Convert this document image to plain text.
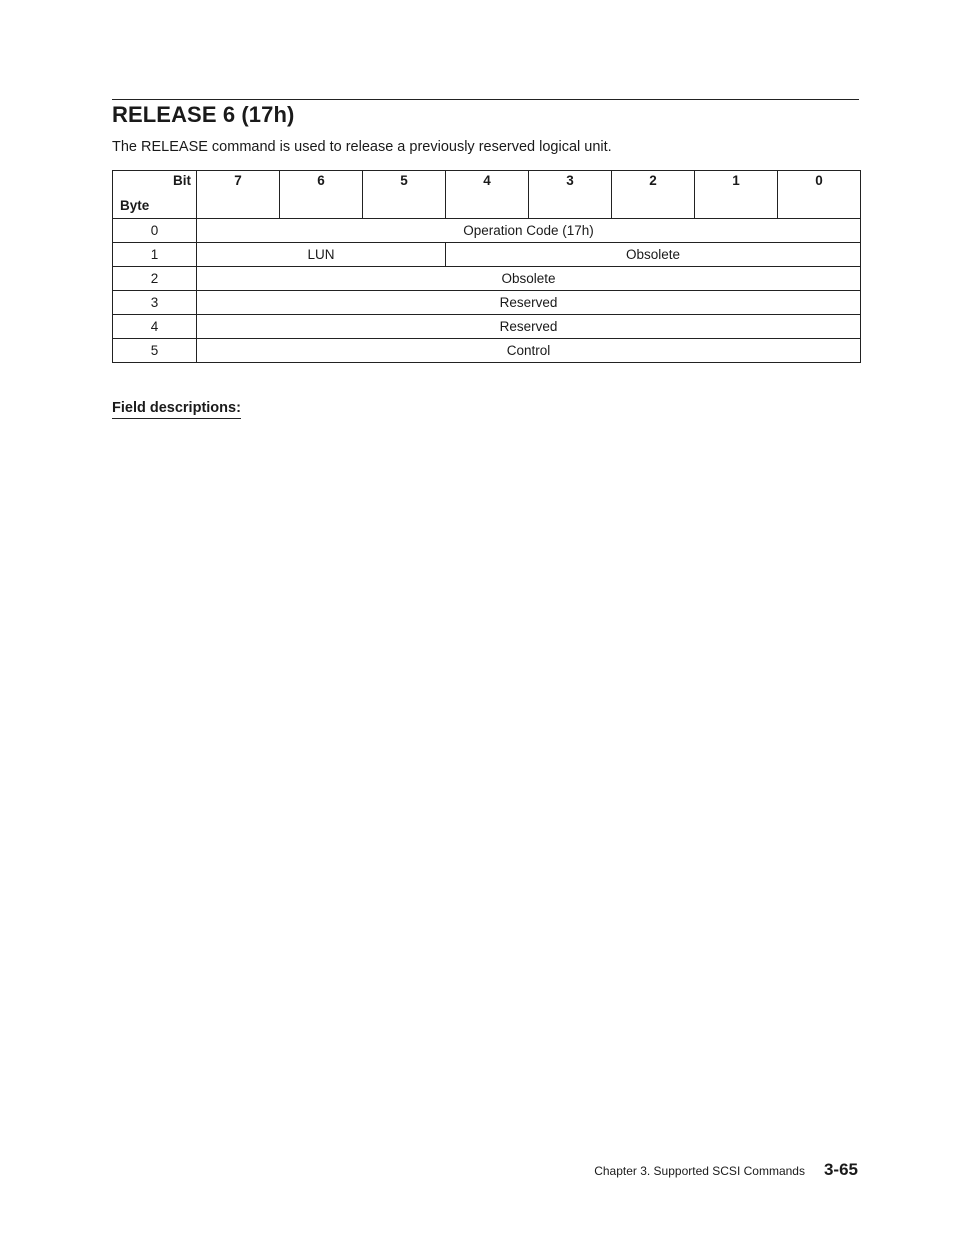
RELEASE 6 (17h)

The RELEASE command is used to release a previously reserved logical unit.

Bit
Byte	7	6	5	4	3	2	1	0
0	Operation Code (17h)							
1	LUN			Obsolete				
2	Obsolete							
3	Reserved							
4	Reserved							
5	Control							
Field descriptions:
Chapter 3. Supported SCSI Commands 3-65
